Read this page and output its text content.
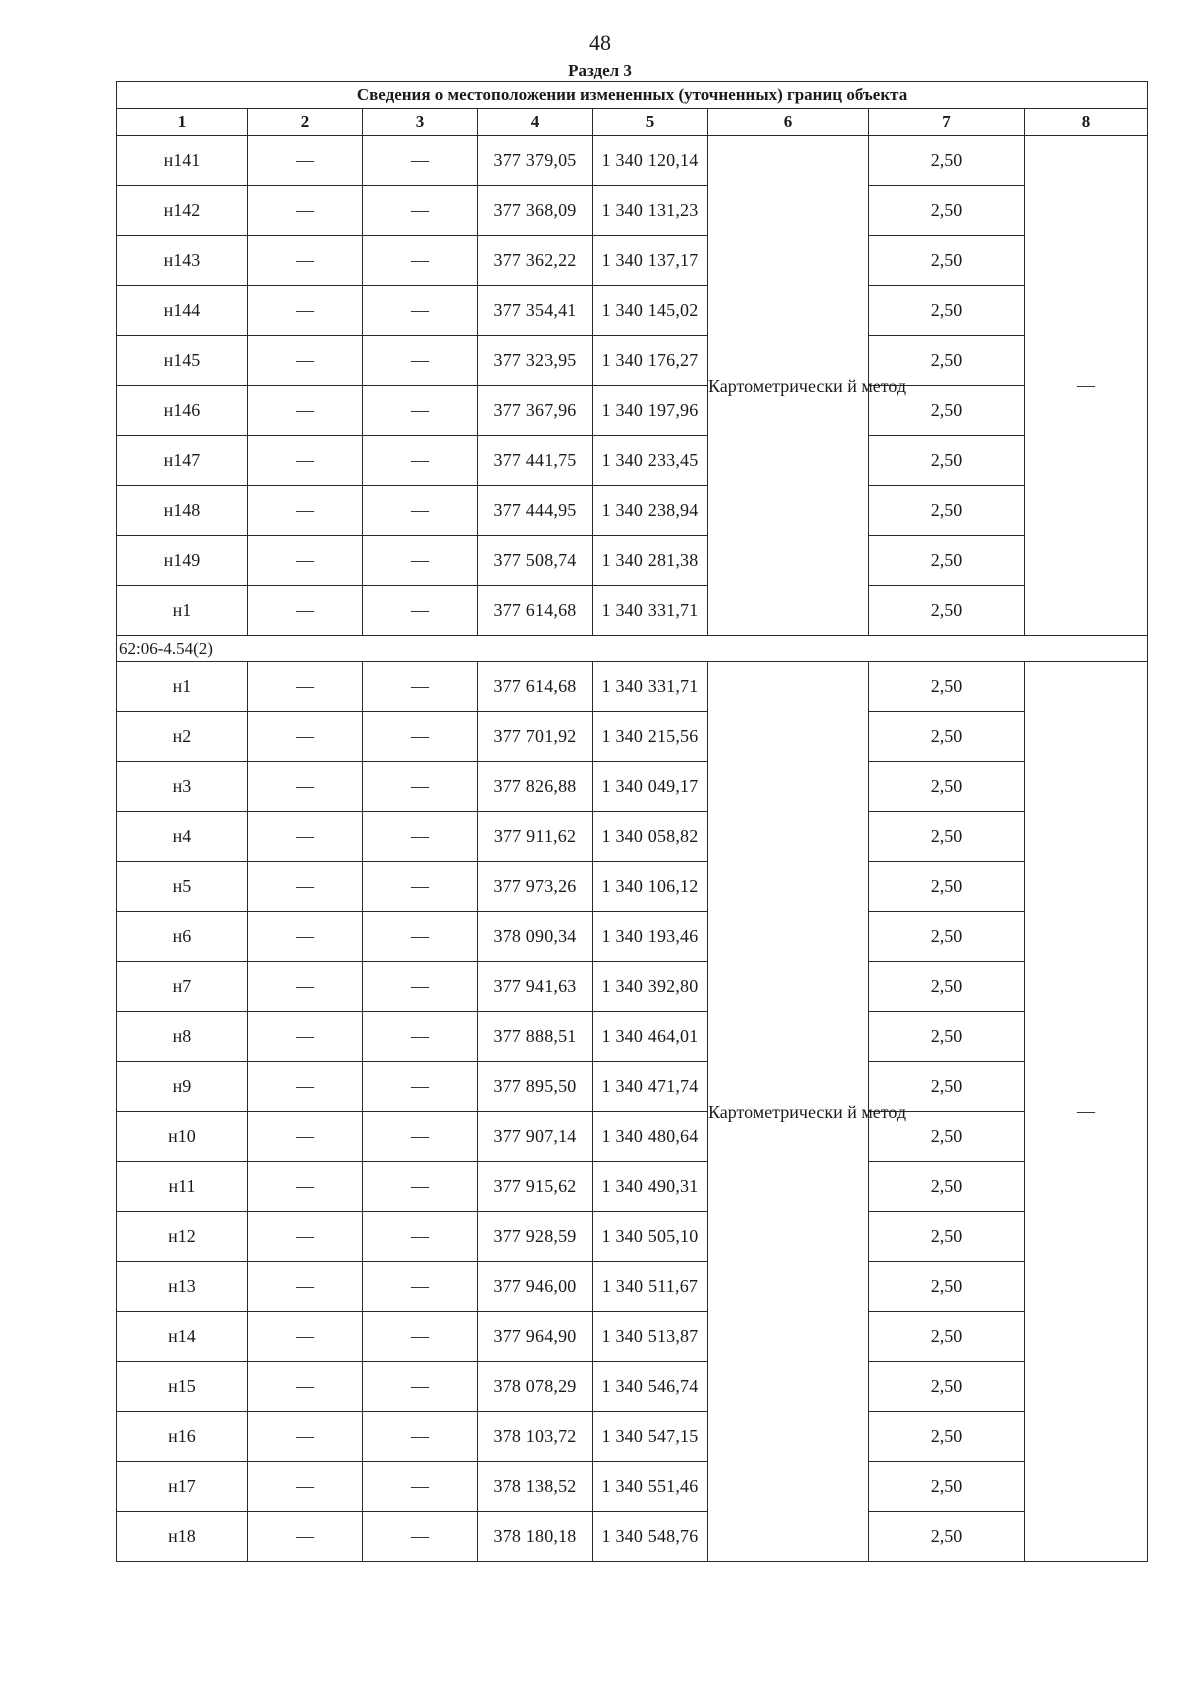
48
Раздел 3
Сведения о местоположении измененных (уточненных) границ объекта							
1	2	3	4	5	6	7	8
н141	—	—	377 379,05	1 340 120,14	Картометрически й метод	2,50	—
н142	—	—	377 368,09	1 340 131,23		2,50	
н143	—	—	377 362,22	1 340 137,17		2,50	
н144	—	—	377 354,41	1 340 145,02		2,50	
н145	—	—	377 323,95	1 340 176,27		2,50	
н146	—	—	377 367,96	1 340 197,96		2,50	
н147	—	—	377 441,75	1 340 233,45		2,50	
н148	—	—	377 444,95	1 340 238,94		2,50	
н149	—	—	377 508,74	1 340 281,38		2,50	
н1	—	—	377 614,68	1 340 331,71		2,50	
62:06-4.54(2)							
н1	—	—	377 614,68	1 340 331,71	Картометрически й метод	2,50	—
н2	—	—	377 701,92	1 340 215,56		2,50	
н3	—	—	377 826,88	1 340 049,17		2,50	
н4	—	—	377 911,62	1 340 058,82		2,50	
н5	—	—	377 973,26	1 340 106,12		2,50	
н6	—	—	378 090,34	1 340 193,46		2,50	
н7	—	—	377 941,63	1 340 392,80		2,50	
н8	—	—	377 888,51	1 340 464,01		2,50	
н9	—	—	377 895,50	1 340 471,74		2,50	
н10	—	—	377 907,14	1 340 480,64		2,50	
н11	—	—	377 915,62	1 340 490,31		2,50	
н12	—	—	377 928,59	1 340 505,10		2,50	
н13	—	—	377 946,00	1 340 511,67		2,50	
н14	—	—	377 964,90	1 340 513,87		2,50	
н15	—	—	378 078,29	1 340 546,74		2,50	
н16	—	—	378 103,72	1 340 547,15		2,50	
н17	—	—	378 138,52	1 340 551,46		2,50	
н18	—	—	378 180,18	1 340 548,76		2,50	
